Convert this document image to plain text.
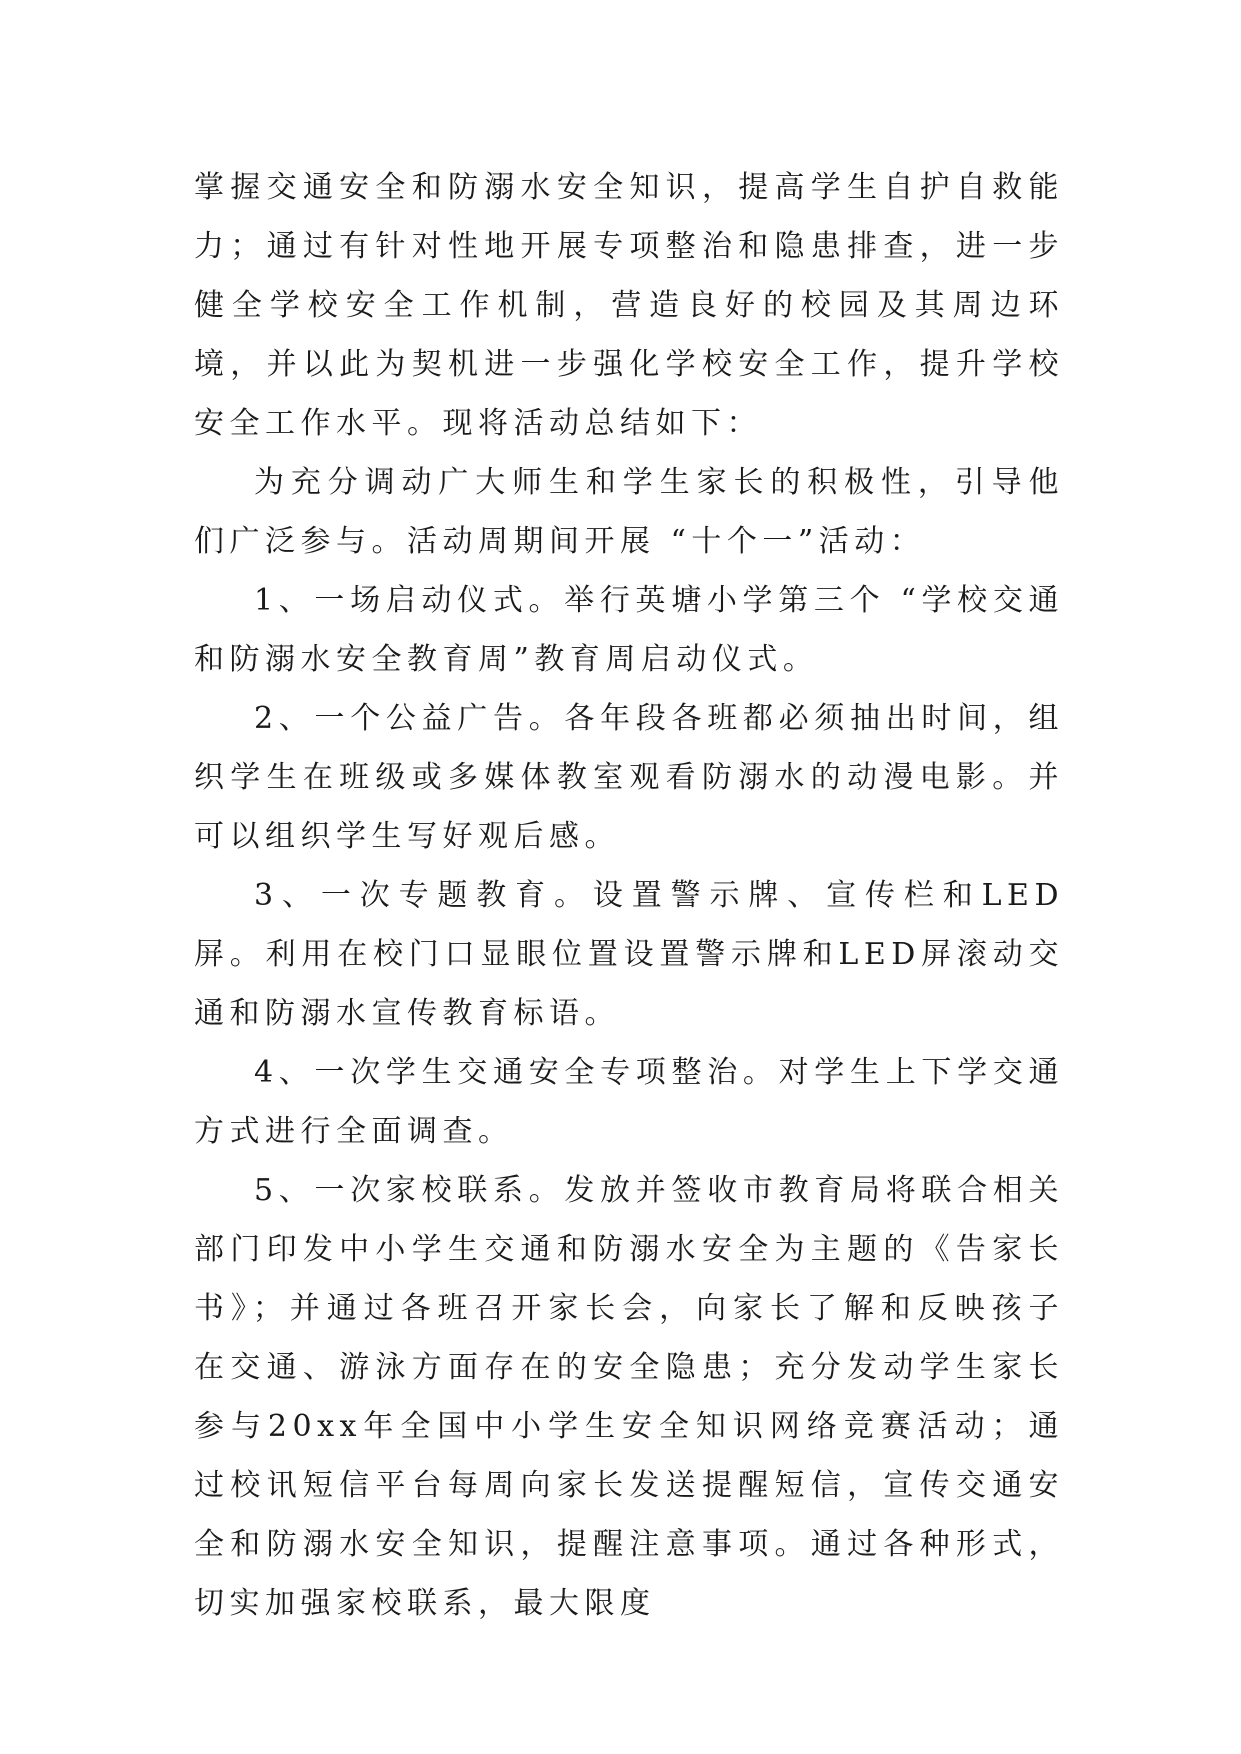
掌握交通安全和防溺水安全知识，提高学生自护自救能力；通过有针对性地开展专项整治和隐患排查，进一步健全学校安全工作机制，营造良好的校园及其周边环境，并以此为契机进一步强化学校安全工作，提升学校安全工作水平。现将活动总结如下：

为充分调动广大师生和学生家长的积极性，引导他们广泛参与。活动周期间开展 “十个一”活动：

1、一场启动仪式。举行英塘小学第三个 “学校交通和防溺水安全教育周”教育周启动仪式。

2、一个公益广告。各年段各班都必须抽出时间，组织学生在班级或多媒体教室观看防溺水的动漫电影。并可以组织学生写好观后感。

3、一次专题教育。设置警示牌、宣传栏和LED屏。利用在校门口显眼位置设置警示牌和LED屏滚动交通和防溺水宣传教育标语。

4、一次学生交通安全专项整治。对学生上下学交通方式进行全面调查。

5、一次家校联系。发放并签收市教育局将联合相关部门印发中小学生交通和防溺水安全为主题的《告家长书》；并通过各班召开家长会，向家长了解和反映孩子在交通、游泳方面存在的安全隐患；充分发动学生家长参与20xx年全国中小学生安全知识网络竞赛活动；通过校讯短信平台每周向家长发送提醒短信，宣传交通安全和防溺水安全知识，提醒注意事项。通过各种形式，切实加强家校联系，最大限度
